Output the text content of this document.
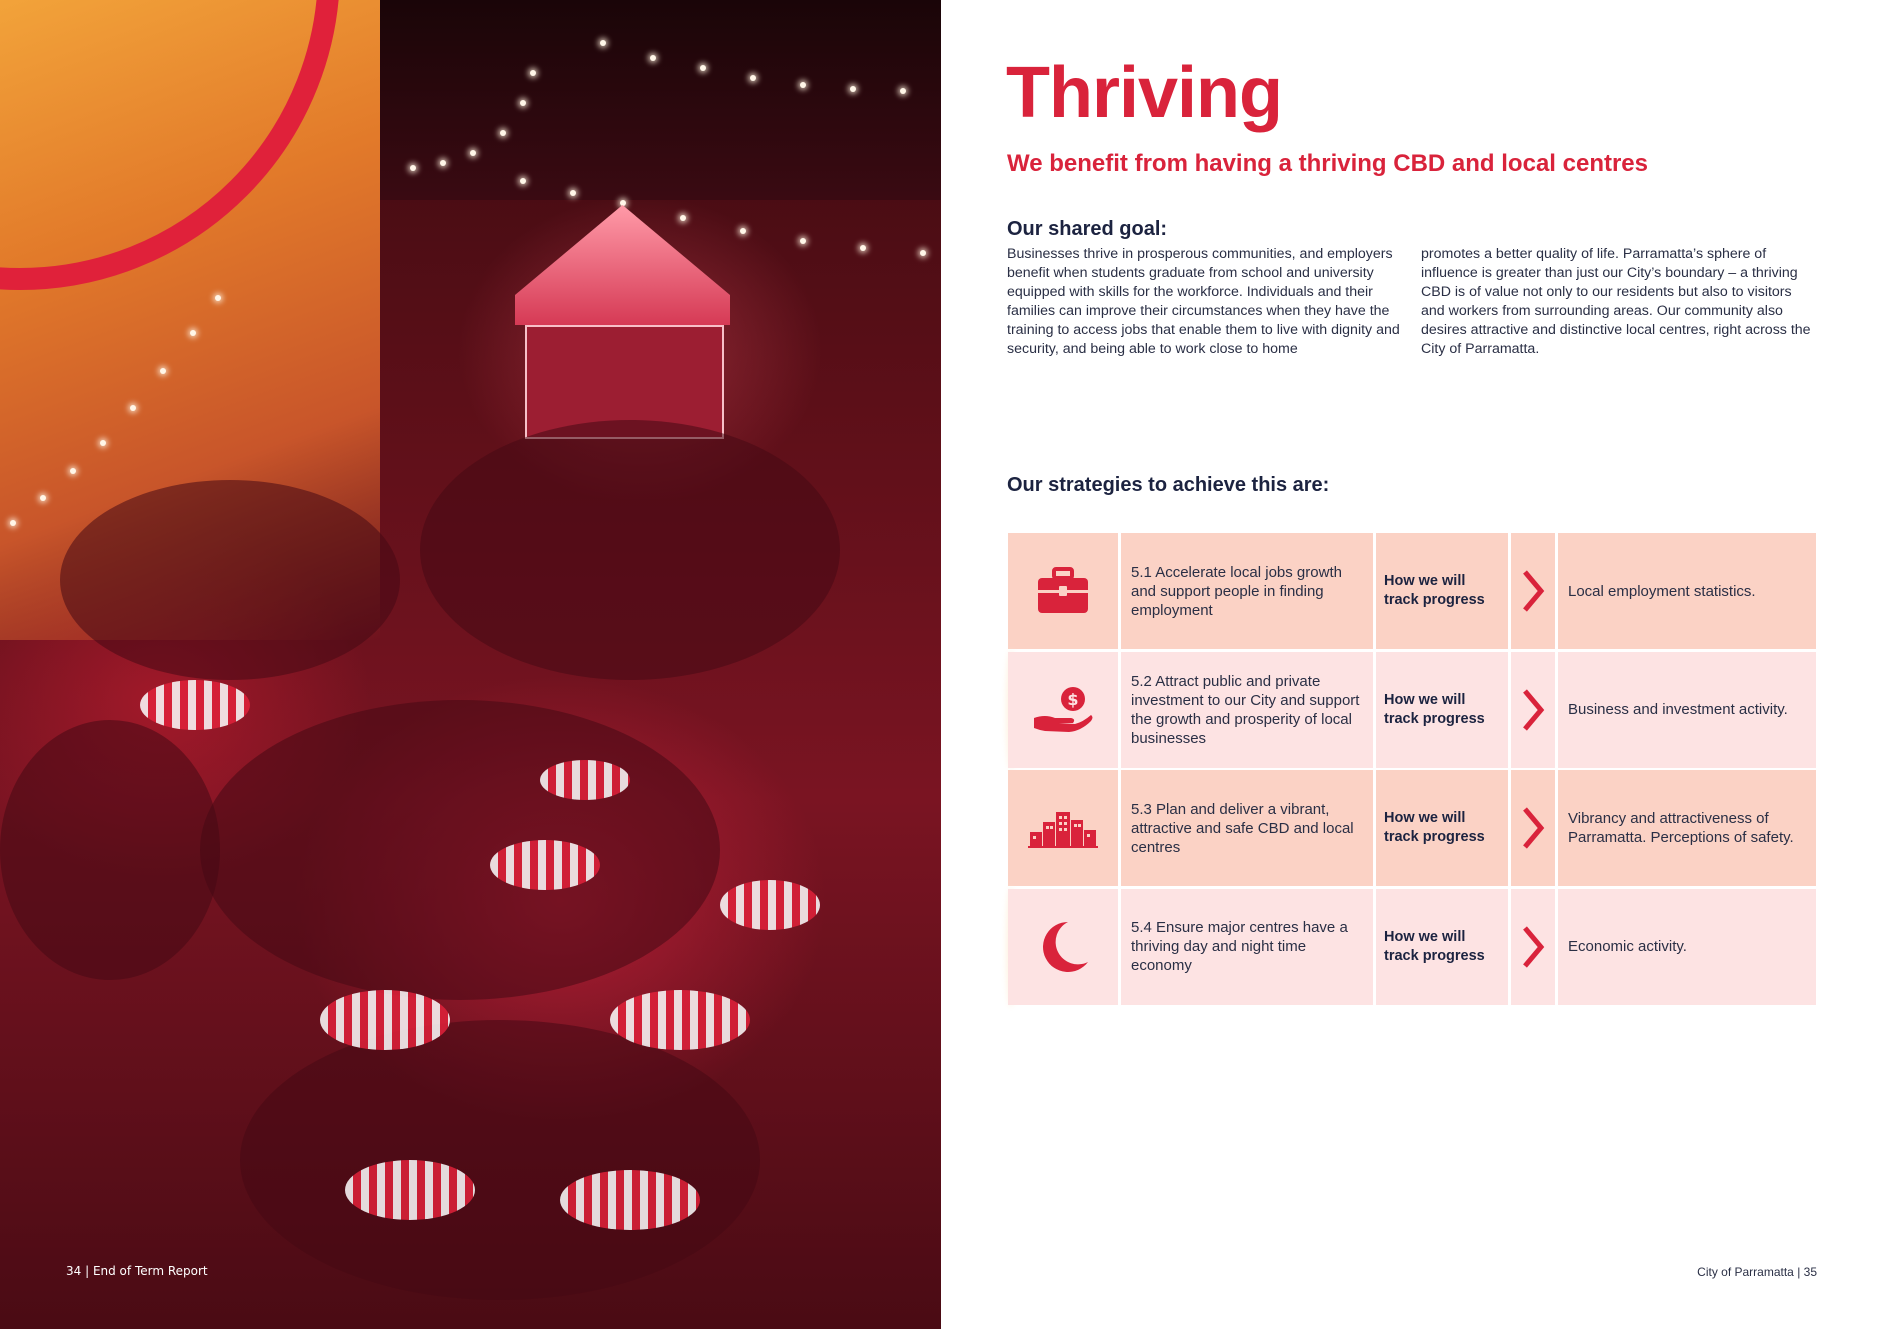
34 | End of Term Report
Thriving
We benefit from having a thriving CBD and local centres
Our shared goal:

Businesses thrive in prosperous communities, and employers benefit when students graduate from school and university equipped with skills for the workforce. Individuals and their families can improve their circumstances when they have the training to access jobs that enable them to live with dignity and security, and being able to work close to home

promotes a better quality of life. Parramatta’s sphere of influence is greater than just our City’s boundary – a thriving CBD is of value not only to our residents but also to visitors and workers from surrounding areas. Our community also desires attractive and distinctive local centres, right across the City of Parramatta.

Our strategies to achieve this are:
5.1 Accelerate local jobs growth and support people in finding employment
How we will track progress
Local employment statistics.
$
5.2 Attract public and private investment to our City and support the growth and prosperity of local businesses
How we will track progress
Business and investment activity.
5.3 Plan and deliver a vibrant, attractive and safe CBD and local centres
How we will track progress
Vibrancy and attractiveness of Parramatta. Perceptions of safety.
5.4 Ensure major centres have a thriving day and night time economy
How we will track progress
Economic activity.
City of Parramatta | 35
